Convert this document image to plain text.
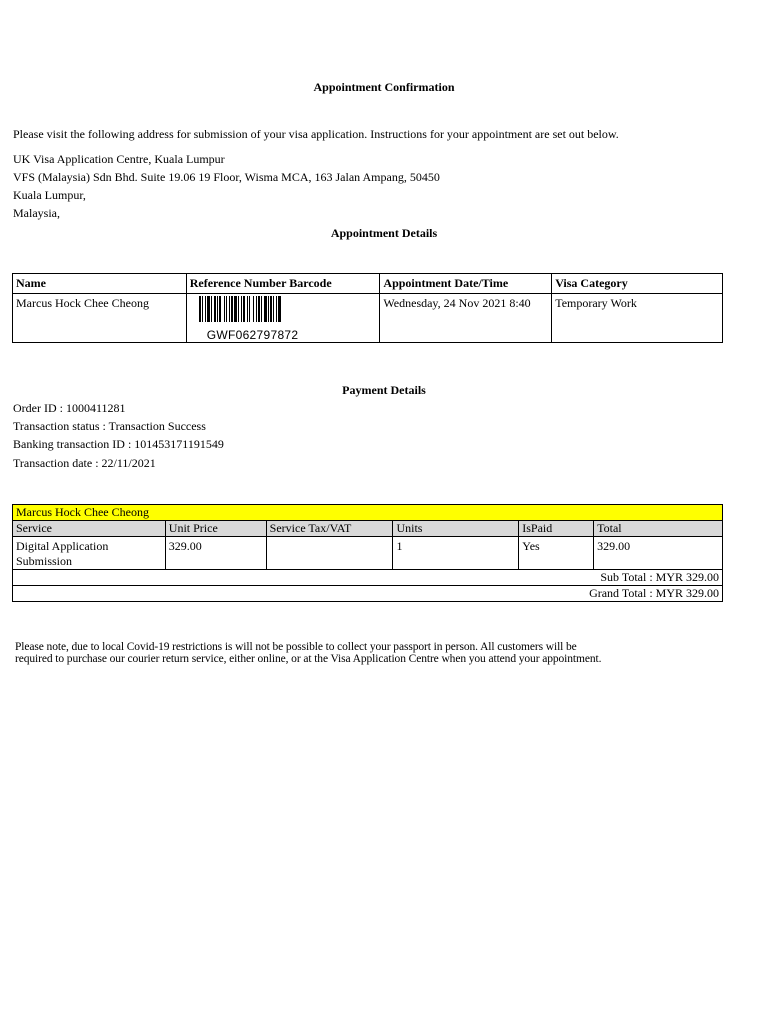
Appointment Confirmation
Please visit the following address for submission of your visa application. Instructions for your appointment are set out below.
UK Visa Application Centre, Kuala Lumpur
VFS (Malaysia) Sdn Bhd. Suite 19.06 19 Floor, Wisma MCA, 163 Jalan Ampang, 50450
Kuala Lumpur,
Malaysia,
Appointment Details
Name	Reference Number Barcode	Appointment Date/Time	Visa Category
Marcus Hock Chee Cheong	GWF062797872	Wednesday, 24 Nov 2021 8:40	Temporary Work
Payment Details
Order ID : 1000411281
Transaction status : Transaction Success
Banking transaction ID : 101453171191549
Transaction date : 22/11/2021
Marcus Hock Chee Cheong					
Service	Unit Price	Service Tax/VAT	Units	IsPaid	Total
Digital Application Submission	329.00		1	Yes	329.00
Sub Total : MYR 329.00					
Grand Total : MYR 329.00					
Please note, due to local Covid-19 restrictions is will not be possible to collect your passport in person. All customers will be required to purchase our courier return service, either online, or at the Visa Application Centre when you attend your appointment.
